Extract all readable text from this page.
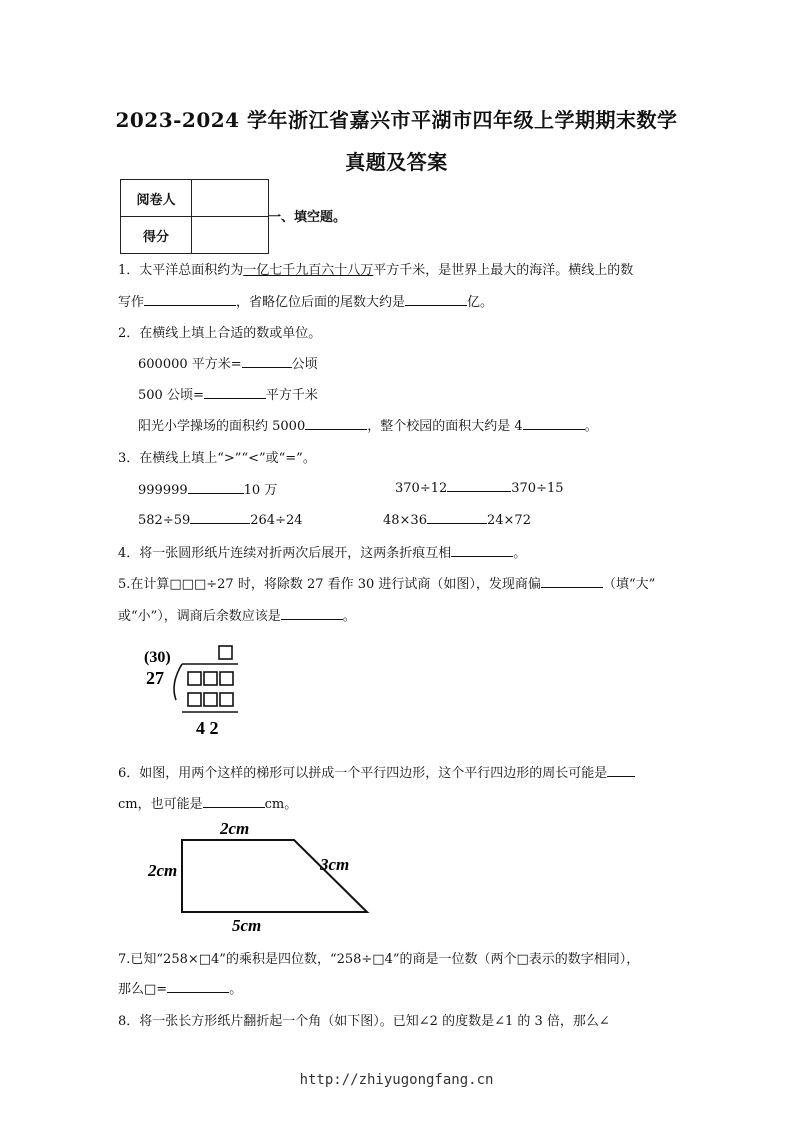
2023-2024 学年浙江省嘉兴市平湖市四年级上学期期末数学
真题及答案
阅卷人	
得分	
一、填空题。
1．太平洋总面积约为一亿七千九百六十八万平方千米，是世界上最大的海洋。横线上的数
写作	，省略亿位后面的尾数大约是	亿。
2．在横线上填上合适的数或单位。
600000 平方米=	公顷
500 公顷=	平方千米
阳光小学操场的面积约 5000	，整个校园的面积大约是 4	。
3．在横线上填上“>”“<”或“=”。
999999	10 万	370÷12	370÷15
582÷59	264÷24	48×36	24×72
4．将一张圆形纸片连续对折两次后展开，这两条折痕互相	。
5.在计算□□□÷27 时，将除数 27 看作 30 进行试商（如图），发现商偏	（填“大”
或“小”），调商后余数应该是	。
(30)
27
4 2
6．如图，用两个这样的梯形可以拼成一个平行四边形，这个平行四边形的周长可能是
cm，也可能是	cm。
2cm
2cm	3cm
5cm
7.已知“258×□4”的乘积是四位数，“258÷□4”的商是一位数（两个□表示的数字相同），
那么□=	。
8．将一张长方形纸片翻折起一个角（如下图）。已知∠2 的度数是∠1 的 3 倍，那么∠
http://zhiyugongfang.cn
